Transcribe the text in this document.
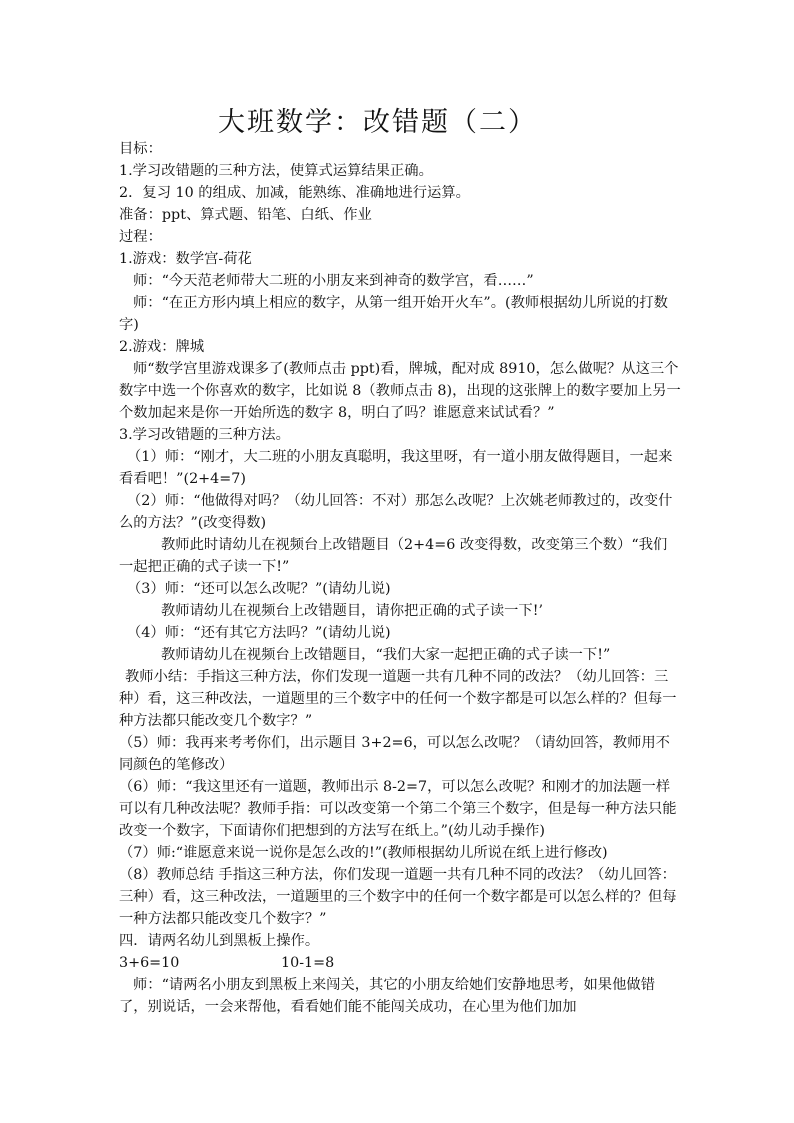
大班数学：改错题（二）

目标：

1.学习改错题的三种方法，使算式运算结果正确。

2．复习 10 的组成、加减，能熟练、准确地进行运算。

准备：ppt、算式题、铅笔、白纸、作业

过程：

1.游戏：数学宫-荷花

师：“今天范老师带大二班的小朋友来到神奇的数学宫，看……”

师：“在正方形内填上相应的数字，从第一组开始开火车”。(教师根据幼儿所说的打数字)

2.游戏：牌城

师“数学宫里游戏课多了(教师点击 ppt)看，牌城，配对成 8910，怎么做呢？从这三个数字中选一个你喜欢的数字，比如说 8（教师点击 8)，出现的这张牌上的数字要加上另一个数加起来是你一开始所选的数字 8，明白了吗？谁愿意来试试看？”

3.学习改错题的三种方法。

（1）师：“刚才，大二班的小朋友真聪明，我这里呀，有一道小朋友做得题目，一起来看看吧！”(2+4=7)

（2）师：“他做得对吗？（幼儿回答：不对）那怎么改呢？上次姚老师教过的，改变什么的方法？”(改变得数)

教师此时请幼儿在视频台上改错题目（2+4=6 改变得数，改变第三个数）“我们一起把正确的式子读一下!”

（3）师：“还可以怎么改呢？”(请幼儿说)

教师请幼儿在视频台上改错题目，请你把正确的式子读一下!’

（4）师：“还有其它方法吗？”(请幼儿说)

教师请幼儿在视频台上改错题目，“我们大家一起把正确的式子读一下!”

教师小结：手指这三种方法，你们发现一道题一共有几种不同的改法？（幼儿回答：三种）看，这三种改法，一道题里的三个数字中的任何一个数字都是可以怎么样的？但每一种方法都只能改变几个数字？”

（5）师：我再来考考你们，出示题目 3+2=6，可以怎么改呢？（请幼回答，教师用不同颜色的笔修改）

（6）师：“我这里还有一道题，教师出示 8-2=7，可以怎么改呢？和刚才的加法题一样可以有几种改法呢？教师手指：可以改变第一个第二个第三个数字，但是每一种方法只能改变一个数字，下面请你们把想到的方法写在纸上。”(幼儿动手操作)

（7）师:“谁愿意来说一说你是怎么改的!”(教师根据幼儿所说在纸上进行修改)

（8）教师总结 手指这三种方法，你们发现一道题一共有几种不同的改法？（幼儿回答：三种）看，这三种改法，一道题里的三个数字中的任何一个数字都是可以怎么样的？但每一种方法都只能改变几个数字？”

四．请两名幼儿到黑板上操作。

3+6=10	10-1=8

师：“请两名小朋友到黑板上来闯关，其它的小朋友给她们安静地思考，如果他做错了，别说话，一会来帮他，看看她们能不能闯关成功，在心里为他们加加
